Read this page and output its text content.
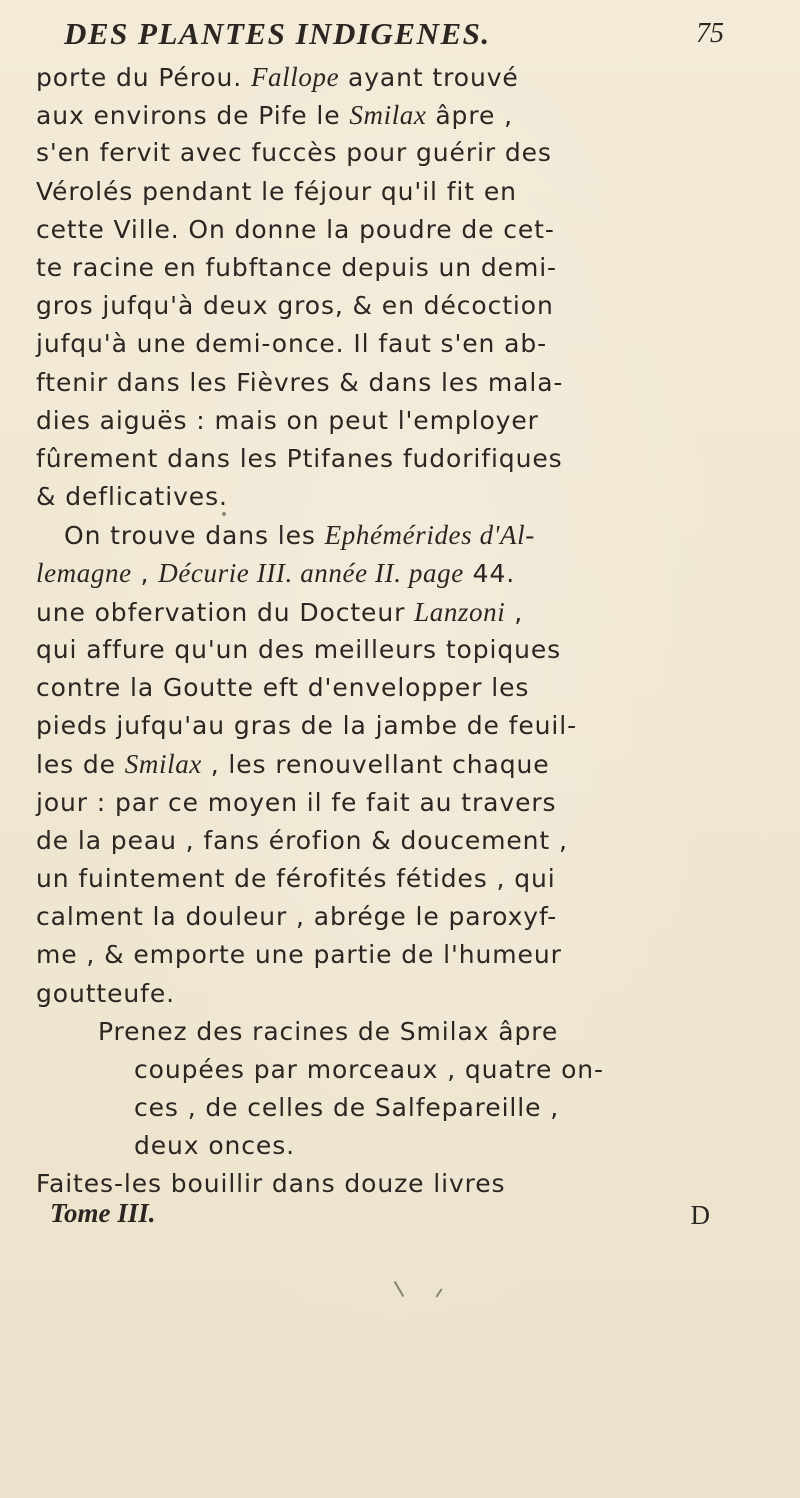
DES PLANTES INDIGENES.	75
porte du Pérou. Fallope ayant trouvé
aux environs de Pife le Smilax âpre ,
s'en fervit avec fuccès pour guérir des
Vérolés pendant le féjour qu'il fit en
cette Ville. On donne la poudre de cet-
te racine en fubftance depuis un demi-
gros jufqu'à deux gros, & en décoction
jufqu'à une demi-once. Il faut s'en ab-
ftenir dans les Fièvres & dans les mala-
dies aiguës : mais on peut l'employer
fûrement dans les Ptifanes fudorifiques
& deflicatives.
On trouve dans les Ephémérides d'Al-
lemagne , Décurie III. année II. page 44.
une obfervation du Docteur Lanzoni ,
qui affure qu'un des meilleurs topiques
contre la Goutte eft d'envelopper les
pieds jufqu'au gras de la jambe de feuil-
les de Smilax , les renouvellant chaque
jour : par ce moyen il fe fait au travers
de la peau , fans érofion & doucement ,
un fuintement de férofités fétides , qui
calment la douleur , abrége le paroxyf-
me , & emporte une partie de l'humeur
goutteufe.
Prenez des racines de Smilax âpre
coupées par morceaux , quatre on-
ces , de celles de Salfepareille ,
deux onces.
Faites-les bouillir dans douze livres
Tome III.	D
